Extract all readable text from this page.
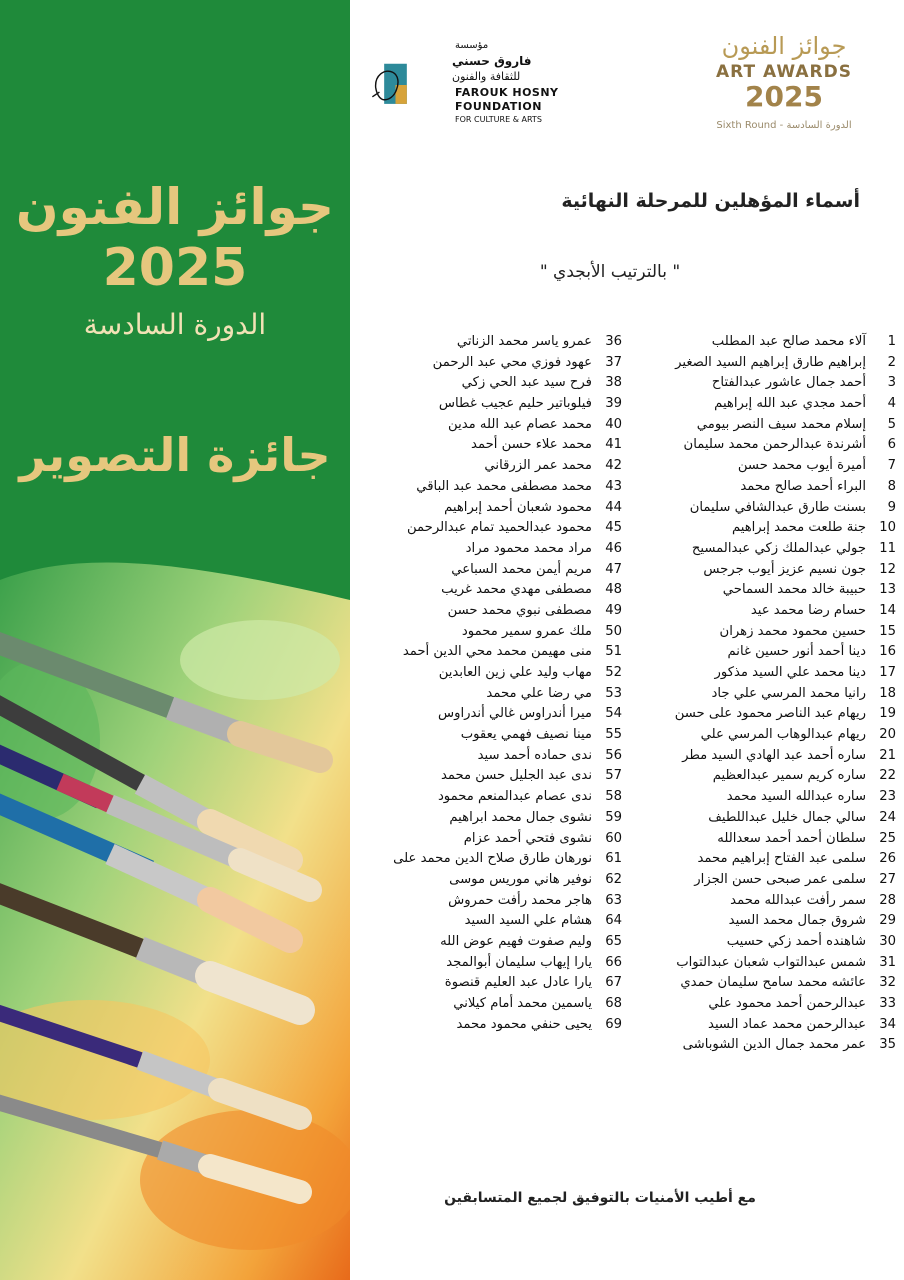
جوائز الفنون
2025
الدورة السادسة
جائزة التصوير
مؤسسة
فاروق حسني
للثقافة والفنون
FAROUK HOSNY
FOUNDATION
FOR CULTURE & ARTS
جوائز الفنون
ART AWARDS
2025
Sixth Round - الدورة السادسة
أسماء المؤهلين للمرحلة النهائية
" بالترتيب الأبجدي "
1
آلاء محمد صالح عبد المطلب
2
إبراهيم طارق إبراهيم السيد الصغير
3
أحمد جمال عاشور عبدالفتاح
4
أحمد مجدي عبد الله إبراهيم
5
إسلام محمد سيف النصر بيومي
6
أشرندة عبدالرحمن محمد سليمان
7
أميرة أيوب محمد حسن
8
البراء أحمد صالح محمد
9
بسنت طارق عبدالشافي سليمان
10
جنة طلعت محمد إبراهيم
11
جولي عبدالملك زكي عبدالمسيح
12
جون نسيم عزيز أيوب جرجس
13
حبيبة خالد محمد السماحي
14
حسام رضا محمد عيد
15
حسين محمود محمد زهران
16
دينا أحمد أنور حسين غانم
17
دينا محمد علي السيد مذكور
18
رانيا محمد المرسي علي جاد
19
ريهام عبد الناصر محمود على حسن
20
ريهام عبدالوهاب المرسي علي
21
ساره أحمد عبد الهادي السيد مطر
22
ساره كريم سمير عبدالعظيم
23
ساره عبدالله السيد محمد
24
سالي جمال خليل عبداللطيف
25
سلطان أحمد أحمد سعدالله
26
سلمى عبد الفتاح إبراهيم محمد
27
سلمى عمر صبحى حسن الجزار
28
سمر رأفت عبدالله محمد
29
شروق جمال محمد السيد
30
شاهنده أحمد زكي حسيب
31
شمس عبدالتواب شعبان عبدالتواب
32
عائشه محمد سامح سليمان حمدي
33
عبدالرحمن أحمد محمود علي
34
عبدالرحمن محمد عماد السيد
35
عمر محمد جمال الدين الشوباشى
36
عمرو ياسر محمد الزناتي
37
عهود فوزي محي عبد الرحمن
38
فرح سيد عبد الحي زكي
39
فيلوباتير حليم عجيب غطاس
40
محمد عصام عبد الله مدين
41
محمد علاء حسن أحمد
42
محمد عمر الزرقاني
43
محمد مصطفى محمد عبد الباقي
44
محمود شعبان أحمد إبراهيم
45
محمود عبدالحميد تمام عبدالرحمن
46
مراد محمد محمود مراد
47
مريم أيمن محمد السباعي
48
مصطفى مهدي محمد غريب
49
مصطفى نبوي محمد حسن
50
ملك عمرو سمير محمود
51
منى مهيمن محمد محي الدين أحمد
52
مهاب وليد علي زين العابدين
53
مي رضا علي محمد
54
ميرا أندراوس غالي أندراوس
55
مينا نصيف فهمي يعقوب
56
ندى حماده أحمد سيد
57
ندى عبد الجليل حسن محمد
58
ندى عصام عبدالمنعم محمود
59
نشوى جمال محمد ابراهيم
60
نشوى فتحي أحمد عزام
61
نورهان طارق صلاح الدين محمد على
62
نوفير هاني موريس موسى
63
هاجر محمد رأفت حمروش
64
هشام علي السيد السيد
65
وليم صفوت فهيم عوض الله
66
يارا إيهاب سليمان أبوالمجد
67
يارا عادل عبد العليم قنصوة
68
ياسمين محمد أمام كيلاني
69
يحيى حنفي محمود محمد
مع أطيب الأمنيات بالتوفيق لجميع المتسابقين
